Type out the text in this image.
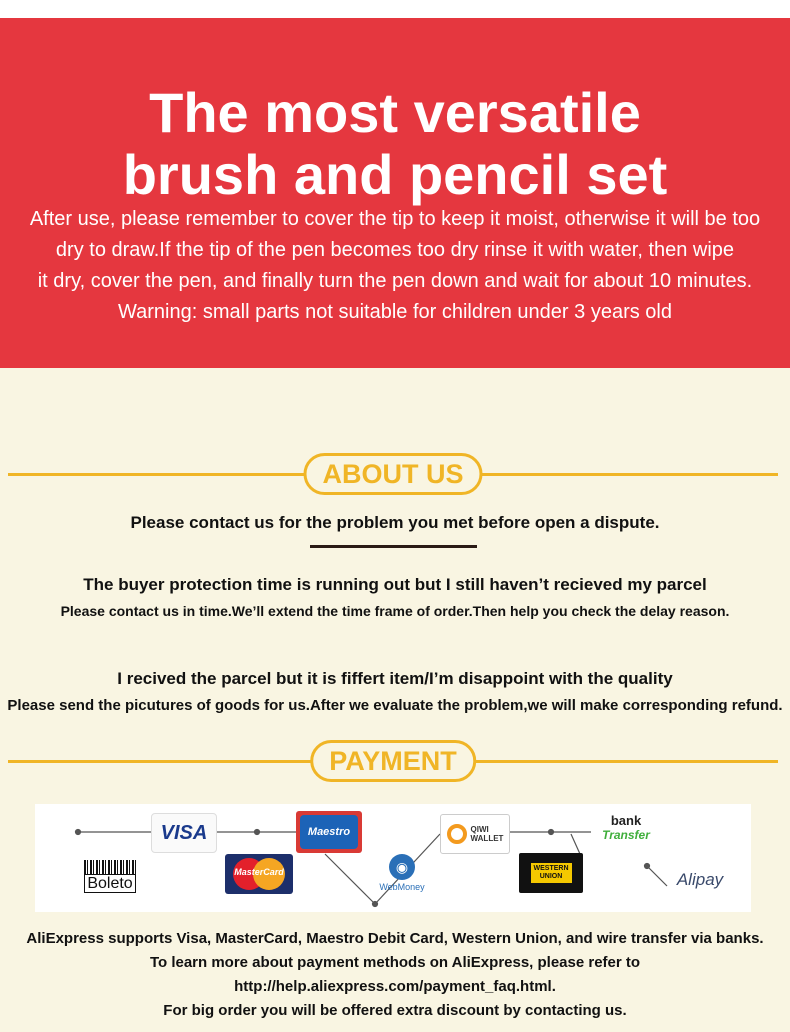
The most versatile
brush and pencil set
After use, please remember to cover the tip to keep it moist, otherwise it will be too
dry to draw.If the tip of the pen becomes too dry rinse it with water, then wipe
it dry, cover the pen, and finally turn the pen down and wait for about 10 minutes.
Warning: small parts not suitable for children under 3 years old
ABOUT US
Please contact us for the problem you met before open a dispute.
The buyer protection time is running out but I still haven’t recieved my parcel
Please contact us in time.We’ll extend the time frame of order.Then help you check the delay reason.
I recived the parcel but it is fiffert item/I’m disappoint with the quality
Please send the picutures of goods for us.After we evaluate the problem,we will make corresponding refund.
PAYMENT
VISA	Maestro
MasterCard
Boleto
◉
WebMoney
QIWI
WALLET
WESTERN
UNION
bank
Transfer
Alipay
AliExpress supports Visa, MasterCard, Maestro Debit Card, Western Union, and wire transfer via banks.
To learn more about payment methods on AliExpress, please refer to
http://help.aliexpress.com/payment_faq.html.
For big order you will be offered extra discount by contacting us.
